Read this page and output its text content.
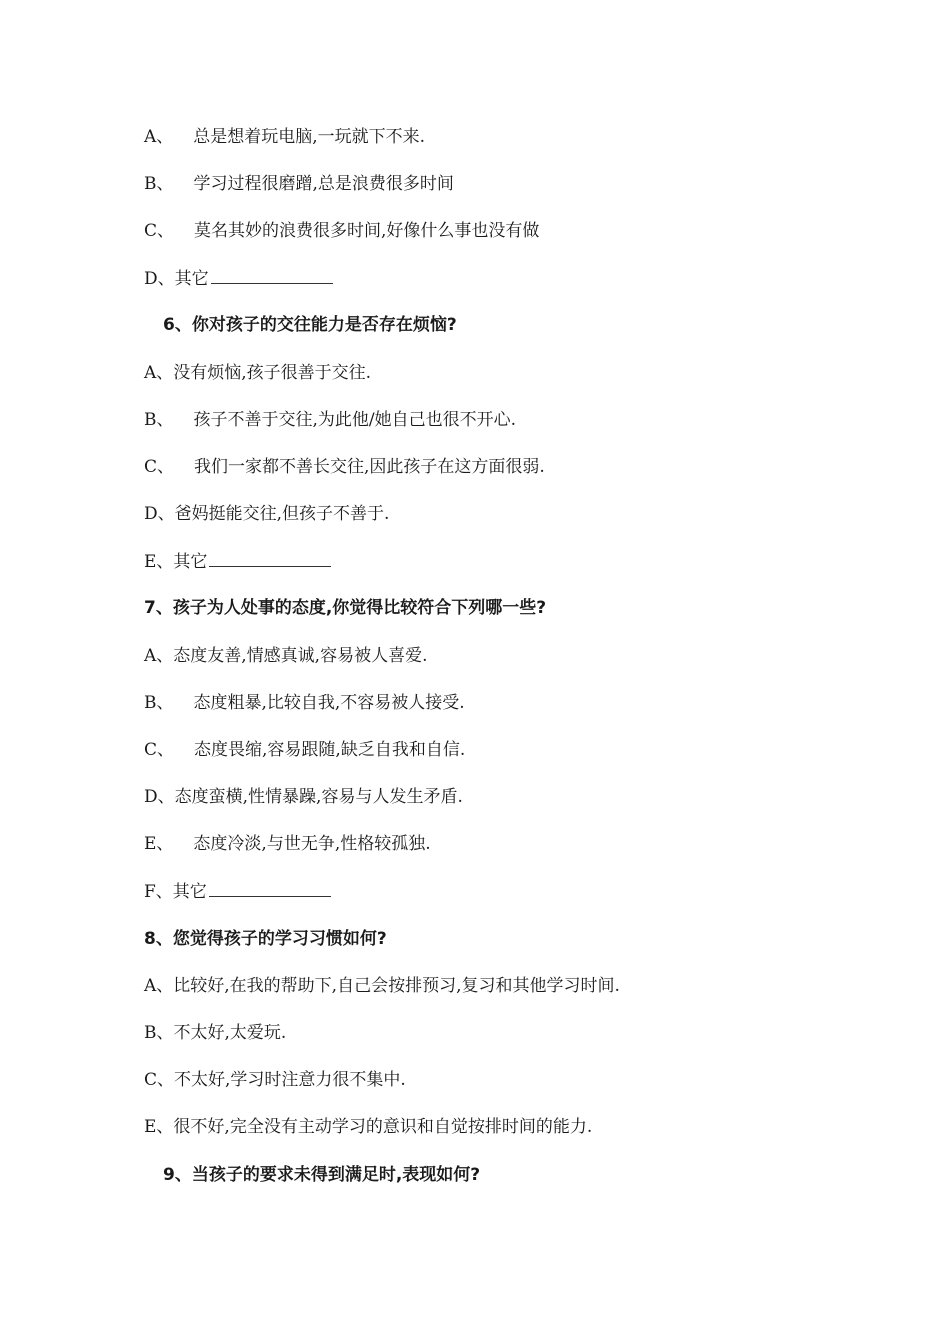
A、 总是想着玩电脑,一玩就下不来.
B、 学习过程很磨蹭,总是浪费很多时间
C、 莫名其妙的浪费很多时间,好像什么事也没有做
D、其它
6、你对孩子的交往能力是否存在烦恼?
A、没有烦恼,孩子很善于交往.
B、 孩子不善于交往,为此他/她自己也很不开心.
C、 我们一家都不善长交往,因此孩子在这方面很弱.
D、爸妈挺能交往,但孩子不善于.
E、其它
7、孩子为人处事的态度,你觉得比较符合下列哪一些?
A、态度友善,情感真诚,容易被人喜爱.
B、 态度粗暴,比较自我,不容易被人接受.
C、 态度畏缩,容易跟随,缺乏自我和自信.
D、态度蛮横,性情暴躁,容易与人发生矛盾.
E、 态度冷淡,与世无争,性格较孤独.
F、其它
8、您觉得孩子的学习习惯如何?
A、比较好,在我的帮助下,自己会按排预习,复习和其他学习时间.
B、不太好,太爱玩.
C、不太好,学习时注意力很不集中.
E、很不好,完全没有主动学习的意识和自觉按排时间的能力.
9、当孩子的要求未得到满足时,表现如何?
